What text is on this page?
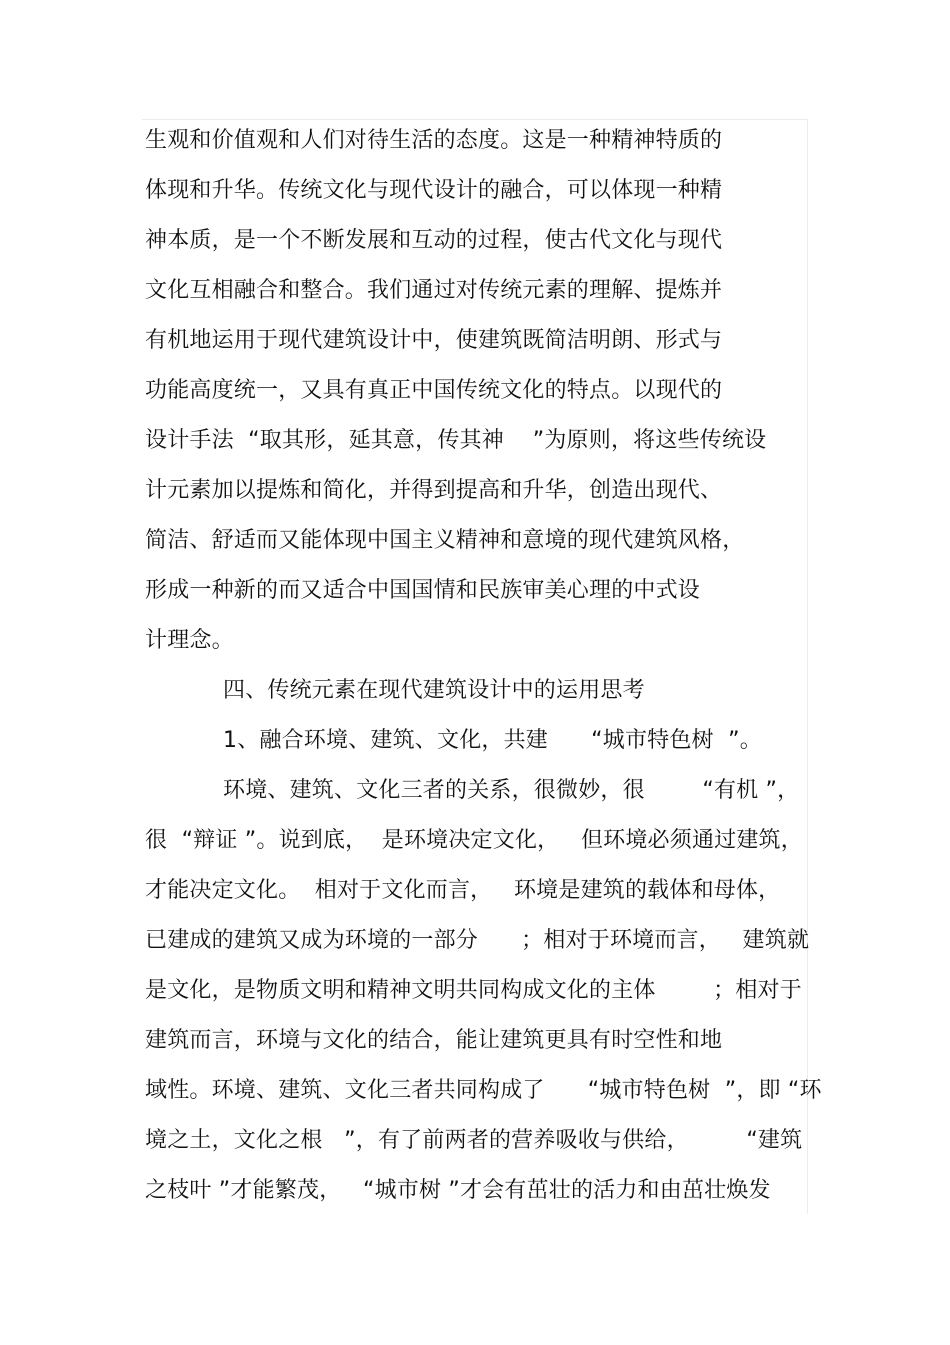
生观和价值观和人们对待生活的态度。这是一种精神特质的
体现和升华。传统文化与现代设计的融合，可以体现一种精
神本质，是一个不断发展和互动的过程，使古代文化与现代
文化互相融合和整合。我们通过对传统元素的理解、提炼并
有机地运用于现代建筑设计中，使建筑既简洁明朗、形式与
功能高度统一，又具有真正中国传统文化的特点。以现代的
设计手法  “取其形，延其意，传其神    ”为原则，将这些传统设
计元素加以提炼和简化，并得到提高和升华，创造出现代、
简洁、舒适而又能体现中国主义精神和意境的现代建筑风格，
形成一种新的而又适合中国国情和民族审美心理的中式设
计理念。
四、传统元素在现代建筑设计中的运用思考
1、融合环境、建筑、文化，共建      “城市特色树  ”。
环境、建筑、文化三者的关系，很微妙，很        “有机 ”，
很  “辩证 ”。说到底，  是环境决定文化，   但环境必须通过建筑，
才能决定文化。  相对于文化而言，   环境是建筑的载体和母体，
已建成的建筑又成为环境的一部分      ；相对于环境而言，   建筑就
是文化，是物质文明和精神文明共同构成文化的主体        ；相对于
建筑而言，环境与文化的结合，能让建筑更具有时空性和地
域性。环境、建筑、文化三者共同构成了      “城市特色树  ”，即 “环
境之土，文化之根   ”，有了前两者的营养吸收与供给，        “建筑
之枝叶 ”才能繁茂，   “城市树 ”才会有茁壮的活力和由茁壮焕发
